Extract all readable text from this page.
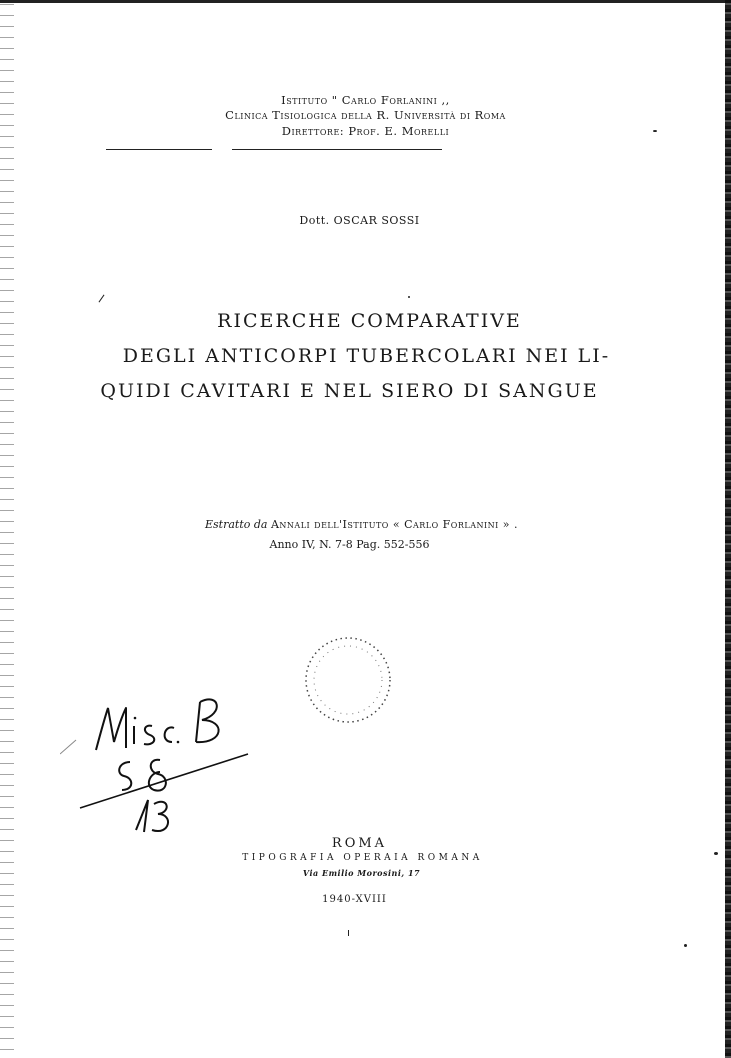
Istituto " Carlo Forlanini ,,
Clinica Tisiologica della R. Università di Roma
Direttore: Prof. E. Morelli
Dott. OSCAR SOSSI
RICERCHE COMPARATIVE
DEGLI ANTICORPI TUBERCOLARI NEI LI-
QUIDI CAVITARI E NEL SIERO DI SANGUE
Estratto da Annali dell'Istituto « Carlo Forlanini » .
Anno IV, N. 7-8 Pag. 552-556
ROMA
TIPOGRAFIA OPERAIA ROMANA
Via Emilio Morosini, 17
1940-XVIII
